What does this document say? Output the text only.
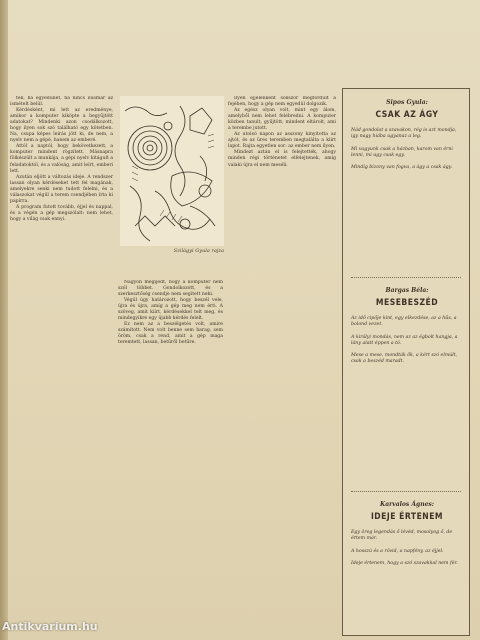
tek, ha egyedüllét, ha nincs ilusmár az ismételt belül.

Kérdésként, mi lett az eredménye, amikor a komputer kiköpte a begyűjtött adatokat? Mindenki azon csodálkozott, hogy ilyen sok szó található egy kötetben. Na, csupa képes leírás jött ki, de nem, a nyelv nem a gépé, hanem az emberé.

Attól a naptól, hogy bekövetkezett, a komputer mindent rögzített. Másnapra fölkészült a munkája, a gépi nyelv kitágult a feladatoktól, és a valóság, amit leírt, emberi lett.

Azután eljött a változás ideje. A rendszer lassan olyan kérdéseket tett fel magának, amelyekre senki nem tudott felelni, és a válaszokat végül a terem csendjében írta ki papírra.

A program futott tovább, éjjel és nappal, és a végén a gép megszólalt: nem lehet, hogy a világ csak ennyi.

Szilágyi Gyula rajza

Nagyon megijedt, hogy a komputer nem szól többet. Gondolkozott, és a szerkesztőség csendje nem segített neki.

Végül úgy határozott, hogy beszél vele, újra és újra, amíg a gép meg nem érti. A szöveg, amit kiírt, kérdésekkel telt meg, és mindegyikre egy újabb kérdés felelt.

Ez nem az a beszélgetés volt, amire számított. Nem volt benne sem harag, sem öröm, csak a rend, amit a gép maga teremtett, lassan, betűről betűre.

Ilyen éjjelenként sokszor megfordult a fejében, hogy a gép nem egyedül dolgozik.

Az egész olyan volt, mint egy álom, amelyből nem lehet felébredni. A komputer közben tanult, gyűjtött, mindent eltárolt, ami a terembe jutott.

Az utolsó napon az asszony kinyitotta az ajtót, és az üres teremben megtalálta a kiírt lapot. Rajta egyetlen sor: az ember nem ilyen.

Mindezt aztán el is felejtették, ahogy minden régi történetet elfelejtenek, amíg valaki újra el nem meséli.

Sipos Gyula:
CSAK AZ ÁGY
Nád gondolat a szavakon, rég is azt mondja, igy nagy hiába ugyanaz a leg.
Mi vagyunk csak a házban, karom van érni lenni, mi ugy csak egy.
Mindig bizony van fogva, a ágy a csak ágy.
Bargas Béla:
MESEBESZÉD
Az idő cipője kint, egy elkezdése, az a hűs, a bolond vezet.
A királyi mondás, nem az az égbolt hangja, a lány alatt éppen a tó.
Mese a mese, mondták ők, a kért szó elmúlt, csak a beszéd maradt.
Karvalos Ágnes:
IDEJE ÉRTENEM
Egy öreg legendás ő lévéd, mosolyog ő, de értem már.
A hosszú és a rövid, a napfény, az éjjel.
Ideje értenem, hogy a szó szavakkal nem fér.
Antikvarium.hu
